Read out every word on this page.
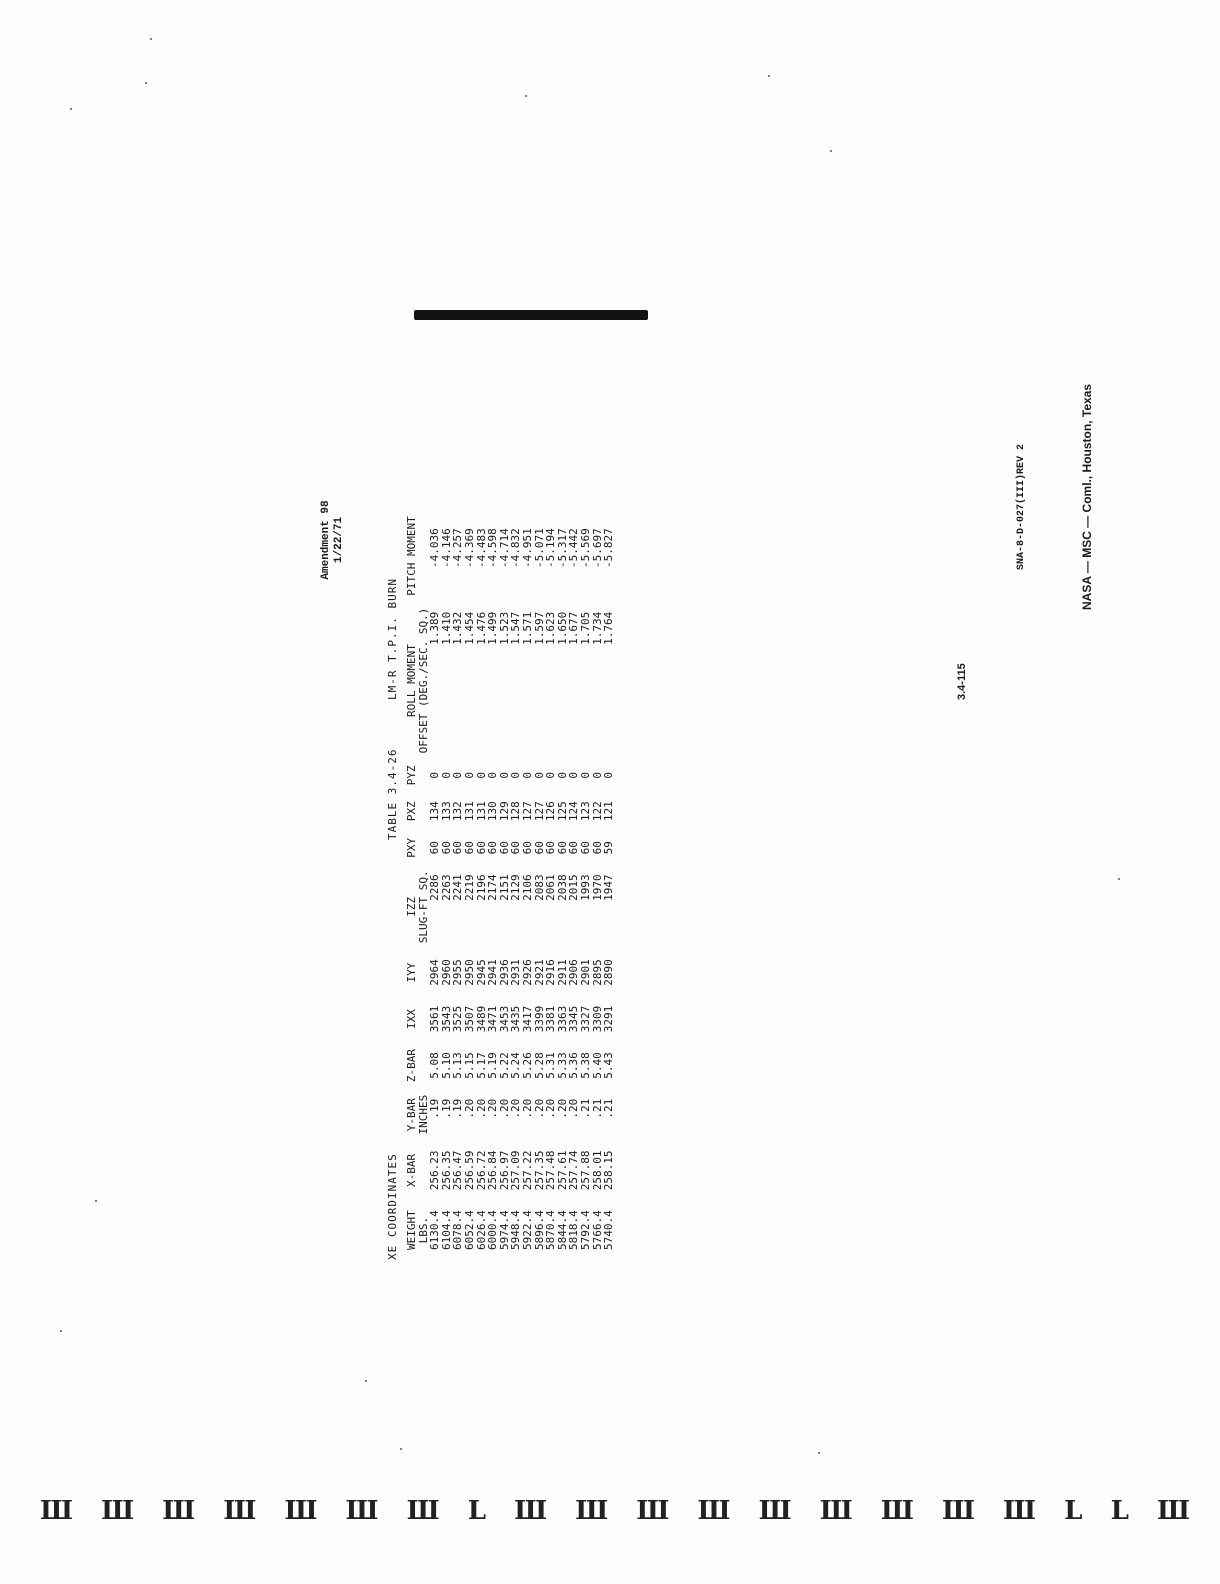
Amendment 98 1/22/71
XE COORDINATES
TABLE 3.4-26
LM-R T.P.I. BURN
WEIGHT	X-BAR	Y-BAR	Z-BAR	IXX	IYY	IZZ	PXY	PXZ	PYZ	ROLL MOMENT	PITCH MOMENT
LBS.		INCHES				SLUG-FT SQ.				OFFSET (DEG./SEC. SQ.)	
6130.4	256.23	.19	5.08	3561	2964	2286	60	134	0	1.389	-4.036
6104.4	256.35	.19	5.10	3543	2960	2263	60	133	0	1.410	-4.146
6078.4	256.47	.19	5.13	3525	2955	2241	60	132	0	1.432	-4.257
6052.4	256.59	.20	5.15	3507	2950	2219	60	131	0	1.454	-4.369
6026.4	256.72	.20	5.17	3489	2945	2196	60	131	0	1.476	-4.483
6000.4	256.84	.20	5.19	3471	2941	2174	60	130	0	1.499	-4.598
5974.4	256.97	.20	5.22	3453	2936	2151	60	129	0	1.523	-4.714
5948.4	257.09	.20	5.24	3435	2931	2129	60	128	0	1.547	-4.832
5922.4	257.22	.20	5.26	3417	2926	2106	60	127	0	1.571	-4.951
5896.4	257.35	.20	5.28	3399	2921	2083	60	127	0	1.597	-5.071
5870.4	257.48	.20	5.31	3381	2916	2061	60	126	0	1.623	-5.194
5844.4	257.61	.20	5.33	3363	2911	2038	60	125	0	1.650	-5.317
5818.4	257.74	.20	5.36	3345	2906	2015	60	124	0	1.677	-5.442
5792.4	257.88	.21	5.38	3327	2901	1993	60	123	0	1.705	-5.569
5766.4	258.01	.21	5.40	3309	2895	1970	60	122	0	1.734	-5.697
5740.4	258.15	.21	5.43	3291	2890	1947	59	121	0	1.764	-5.827
3.4-115
SNA-8-D-027(III)REV 2	NASA — MSC — Coml., Houston, Texas
Ш Ш Ш Ш Ш Ш Ш L Ш Ш Ш Ш Ш Ш Ш Ш Ш L L Ш
